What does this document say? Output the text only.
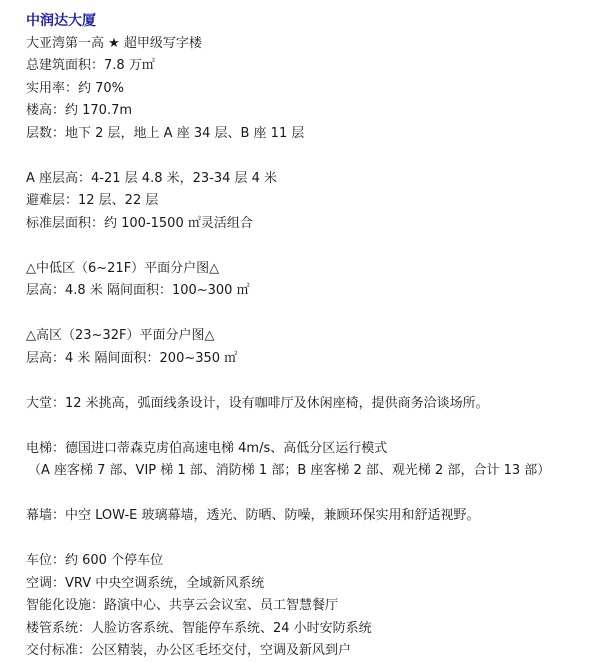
中润达大厦
大亚湾第一高 ★ 超甲级写字楼
总建筑面积：7.8 万㎡
实用率：约 70%
楼高：约 170.7m
层数：地下 2 层，地上 A 座 34 层、B 座 11 层
A 座层高：4-21 层 4.8 米，23-34 层 4 米
避难层：12 层、22 层
标准层面积：约 100-1500 ㎡灵活组合
△中低区（6~21F）平面分户图△
层高：4.8 米 隔间面积：100~300 ㎡
△高区（23~32F）平面分户图△
层高：4 米 隔间面积：200~350 ㎡
大堂：12 米挑高，弧面线条设计，设有咖啡厅及休闲座椅，提供商务洽谈场所。
电梯：德国进口蒂森克虏伯高速电梯 4m/s、高低分区运行模式
（A 座客梯 7 部、VIP 梯 1 部、消防梯 1 部；B 座客梯 2 部、观光梯 2 部，合计 13 部）
幕墙：中空 LOW-E 玻璃幕墙，透光、防晒、防噪，兼顾环保实用和舒适视野。
车位：约 600 个停车位
空调：VRV 中央空调系统，全域新风系统
智能化设施：路演中心、共享云会议室、员工智慧餐厅
楼管系统：人脸访客系统、智能停车系统、24 小时安防系统
交付标准：公区精装，办公区毛坯交付，空调及新风到户
